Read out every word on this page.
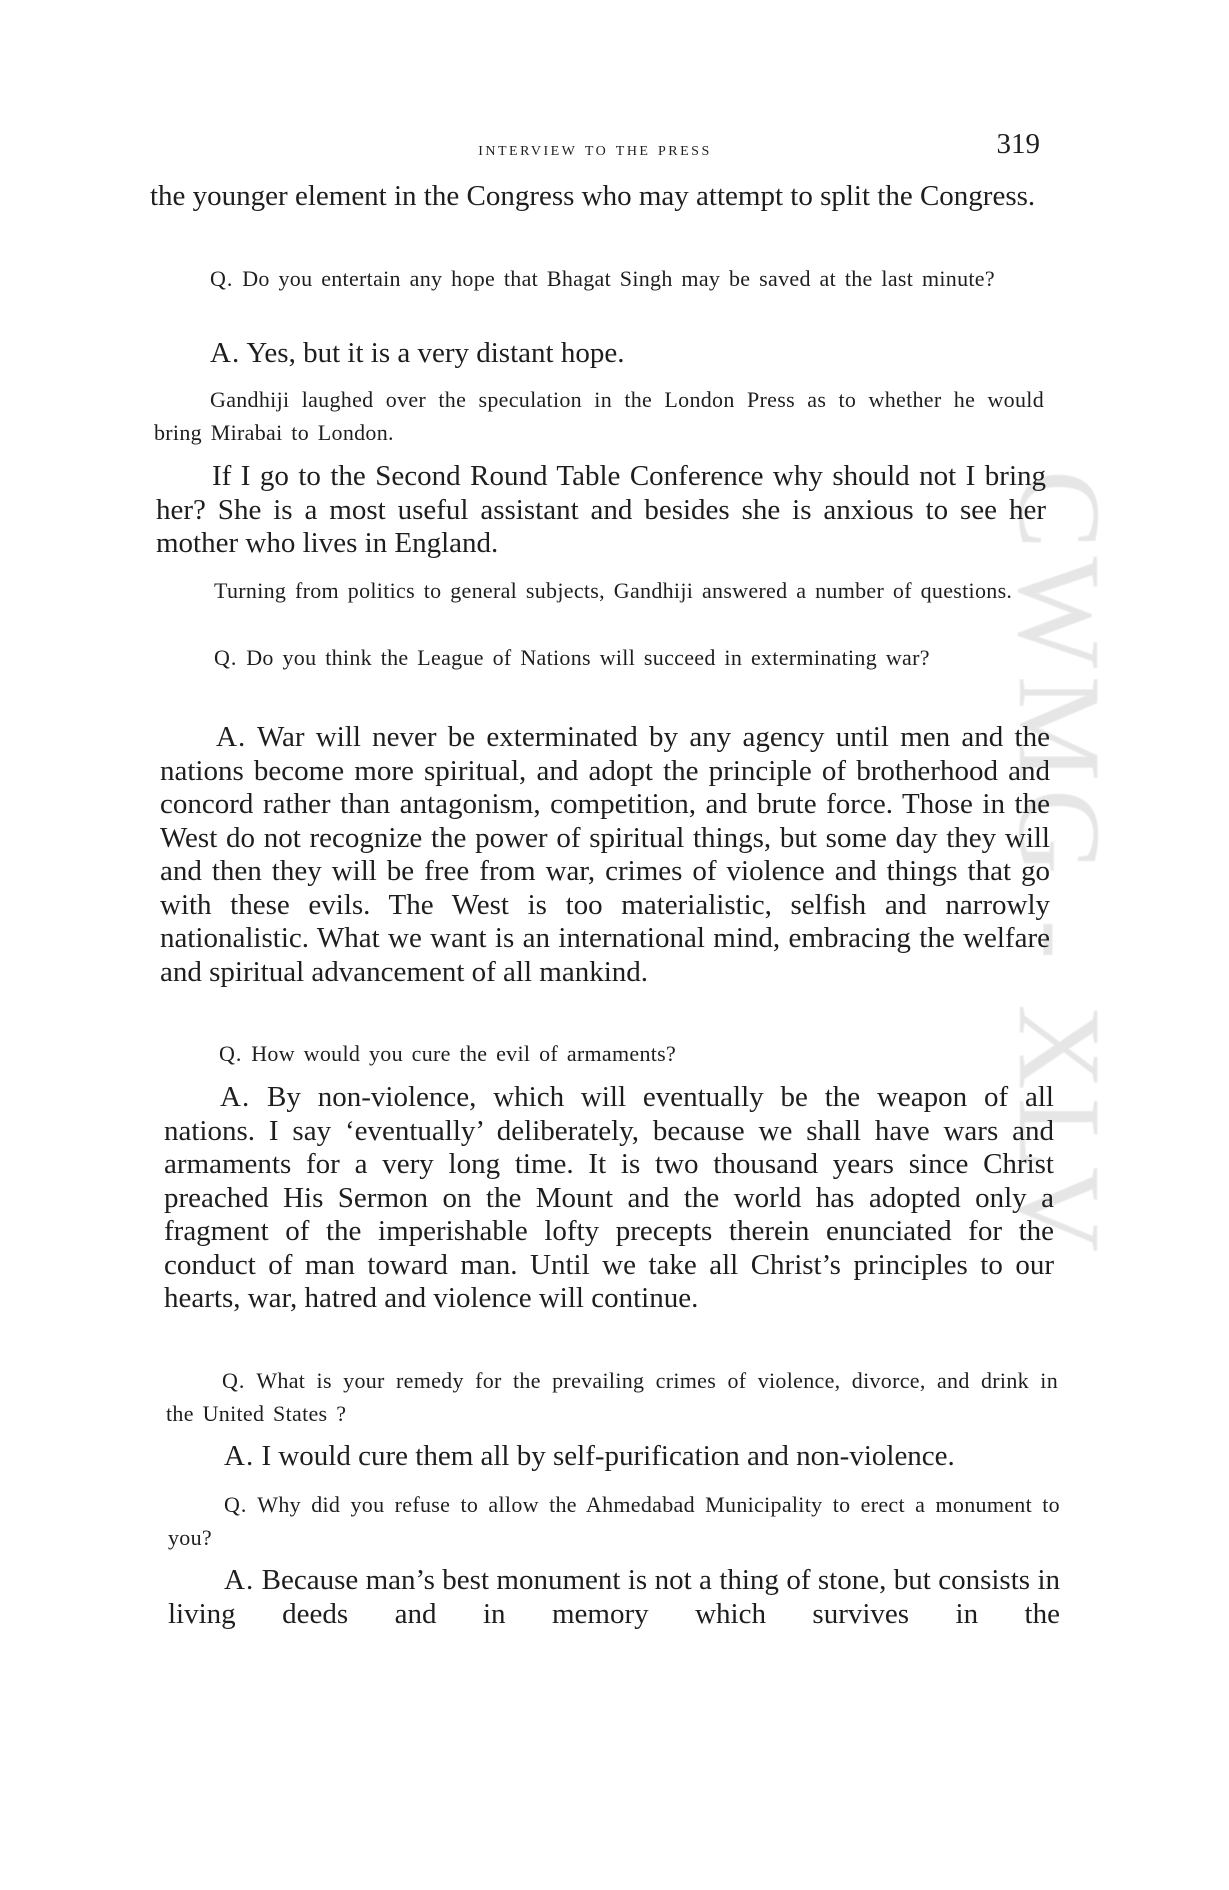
CWMG - XLV
interview to the press	319

the younger element in the Congress who may attempt to split the Congress.

Q. Do you entertain any hope that Bhagat Singh may be saved at the last minute?

A. Yes, but it is a very distant hope.

Gandhiji laughed over the speculation in the London Press as to whether he would bring Mirabai to London.

If I go to the Second Round Table Conference why should not I bring her? She is a most useful assistant and besides she is anxious to see her mother who lives in England.

Turning from politics to general subjects, Gandhiji answered a number of questions.

Q. Do you think the League of Nations will succeed in exterminating war?

A. War will never be exterminated by any agency until men and the nations become more spiritual, and adopt the principle of brotherhood and concord rather than antagonism, competition, and brute force. Those in the West do not recognize the power of spiritual things, but some day they will and then they will be free from war, crimes of violence and things that go with these evils. The West is too materialistic, selfish and narrowly nationalistic. What we want is an international mind, embracing the welfare and spiritual advancement of all mankind.

Q. How would you cure the evil of armaments?

A. By non-violence, which will eventually be the weapon of all nations. I say ‘eventually’ deliberately, because we shall have wars and armaments for a very long time. It is two thousand years since Christ preached His Sermon on the Mount and the world has adopted only a fragment of the imperishable lofty precepts therein enunciated for the conduct of man toward man. Until we take all Christ’s principles to our hearts, war, hatred and violence will continue.

Q. What is your remedy for the prevailing crimes of violence, divorce, and drink in the United States ?

A. I would cure them all by self-purification and non-violence.

Q. Why did you refuse to allow the Ahmedabad Municipality to erect a monument to you?

A. Because man’s best monument is not a thing of stone, but consists in living deeds and in memory which survives in the
